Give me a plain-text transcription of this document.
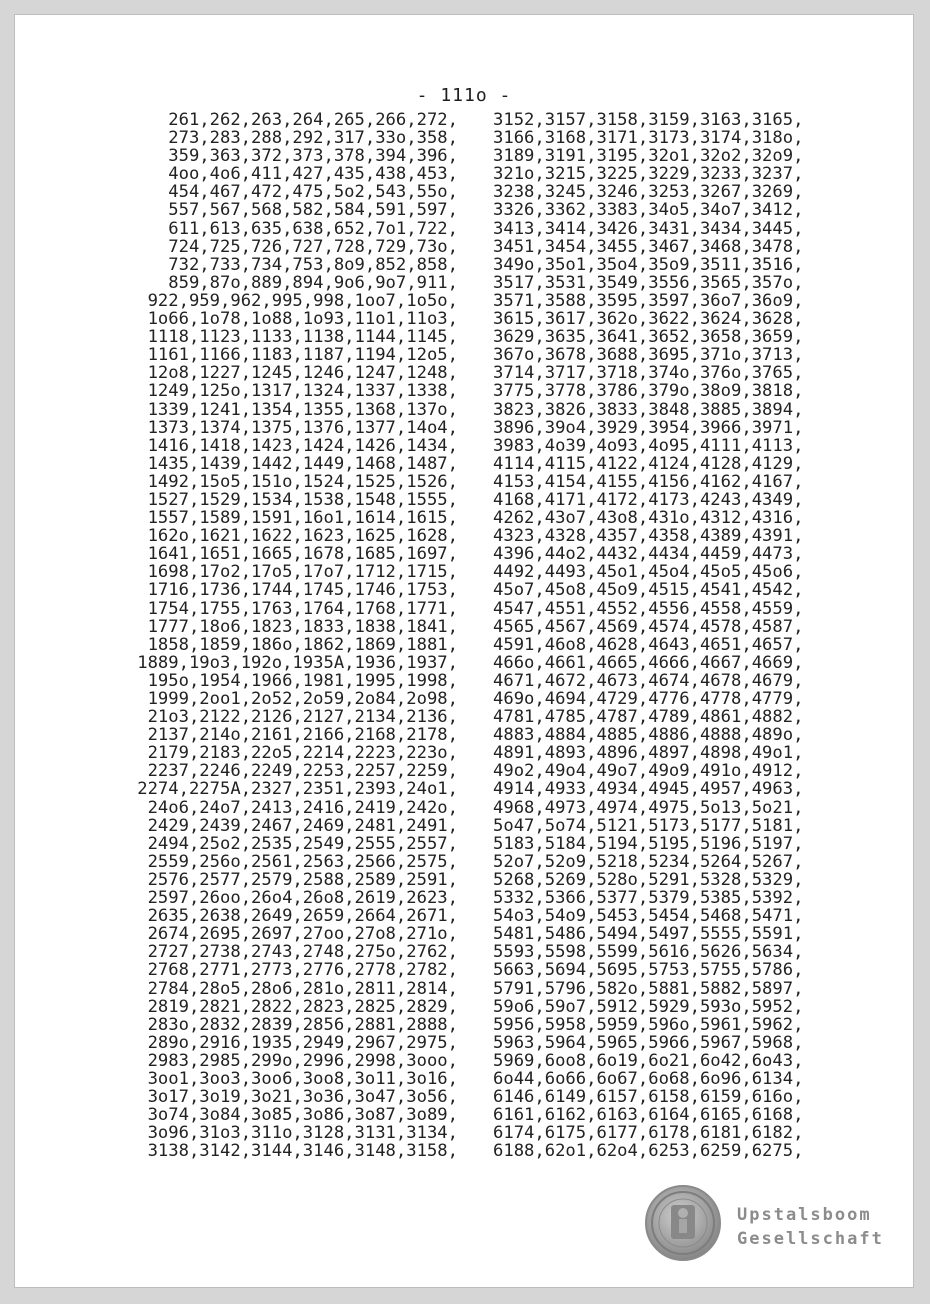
- 111o -
261,262,263,264,265,266,272,
273,283,288,292,317,33o,358,
359,363,372,373,378,394,396,
4oo,4o6,411,427,435,438,453,
454,467,472,475,5o2,543,55o,
557,567,568,582,584,591,597,
611,613,635,638,652,7o1,722,
724,725,726,727,728,729,73o,
732,733,734,753,8o9,852,858,
859,87o,889,894,9o6,9o7,911,
922,959,962,995,998,1oo7,1o5o,
1o66,1o78,1o88,1o93,11o1,11o3,
1118,1123,1133,1138,1144,1145,
1161,1166,1183,1187,1194,12o5,
12o8,1227,1245,1246,1247,1248,
1249,125o,1317,1324,1337,1338,
1339,1241,1354,1355,1368,137o,
1373,1374,1375,1376,1377,14o4,
1416,1418,1423,1424,1426,1434,
1435,1439,1442,1449,1468,1487,
1492,15o5,151o,1524,1525,1526,
1527,1529,1534,1538,1548,1555,
1557,1589,1591,16o1,1614,1615,
162o,1621,1622,1623,1625,1628,
1641,1651,1665,1678,1685,1697,
1698,17o2,17o5,17o7,1712,1715,
1716,1736,1744,1745,1746,1753,
1754,1755,1763,1764,1768,1771,
1777,18o6,1823,1833,1838,1841,
1858,1859,186o,1862,1869,1881,
1889,19o3,192o,1935A,1936,1937,
195o,1954,1966,1981,1995,1998,
1999,2oo1,2o52,2o59,2o84,2o98,
21o3,2122,2126,2127,2134,2136,
2137,214o,2161,2166,2168,2178,
2179,2183,22o5,2214,2223,223o,
2237,2246,2249,2253,2257,2259,
2274,2275A,2327,2351,2393,24o1,
24o6,24o7,2413,2416,2419,242o,
2429,2439,2467,2469,2481,2491,
2494,25o2,2535,2549,2555,2557,
2559,256o,2561,2563,2566,2575,
2576,2577,2579,2588,2589,2591,
2597,26oo,26o4,26o8,2619,2623,
2635,2638,2649,2659,2664,2671,
2674,2695,2697,27oo,27o8,271o,
2727,2738,2743,2748,275o,2762,
2768,2771,2773,2776,2778,2782,
2784,28o5,28o6,281o,2811,2814,
2819,2821,2822,2823,2825,2829,
283o,2832,2839,2856,2881,2888,
289o,2916,1935,2949,2967,2975,
2983,2985,299o,2996,2998,3ooo,
3oo1,3oo3,3oo6,3oo8,3o11,3o16,
3o17,3o19,3o21,3o36,3o47,3o56,
3o74,3o84,3o85,3o86,3o87,3o89,
3o96,31o3,311o,3128,3131,3134,
3138,3142,3144,3146,3148,3158,
3152,3157,3158,3159,3163,3165,
3166,3168,3171,3173,3174,318o,
3189,3191,3195,32o1,32o2,32o9,
321o,3215,3225,3229,3233,3237,
3238,3245,3246,3253,3267,3269,
3326,3362,3383,34o5,34o7,3412,
3413,3414,3426,3431,3434,3445,
3451,3454,3455,3467,3468,3478,
349o,35o1,35o4,35o9,3511,3516,
3517,3531,3549,3556,3565,357o,
3571,3588,3595,3597,36o7,36o9,
3615,3617,362o,3622,3624,3628,
3629,3635,3641,3652,3658,3659,
367o,3678,3688,3695,371o,3713,
3714,3717,3718,374o,376o,3765,
3775,3778,3786,379o,38o9,3818,
3823,3826,3833,3848,3885,3894,
3896,39o4,3929,3954,3966,3971,
3983,4o39,4o93,4o95,4111,4113,
4114,4115,4122,4124,4128,4129,
4153,4154,4155,4156,4162,4167,
4168,4171,4172,4173,4243,4349,
4262,43o7,43o8,431o,4312,4316,
4323,4328,4357,4358,4389,4391,
4396,44o2,4432,4434,4459,4473,
4492,4493,45o1,45o4,45o5,45o6,
45o7,45o8,45o9,4515,4541,4542,
4547,4551,4552,4556,4558,4559,
4565,4567,4569,4574,4578,4587,
4591,46o8,4628,4643,4651,4657,
466o,4661,4665,4666,4667,4669,
4671,4672,4673,4674,4678,4679,
469o,4694,4729,4776,4778,4779,
4781,4785,4787,4789,4861,4882,
4883,4884,4885,4886,4888,489o,
4891,4893,4896,4897,4898,49o1,
49o2,49o4,49o7,49o9,491o,4912,
4914,4933,4934,4945,4957,4963,
4968,4973,4974,4975,5o13,5o21,
5o47,5o74,5121,5173,5177,5181,
5183,5184,5194,5195,5196,5197,
52o7,52o9,5218,5234,5264,5267,
5268,5269,528o,5291,5328,5329,
5332,5366,5377,5379,5385,5392,
54o3,54o9,5453,5454,5468,5471,
5481,5486,5494,5497,5555,5591,
5593,5598,5599,5616,5626,5634,
5663,5694,5695,5753,5755,5786,
5791,5796,582o,5881,5882,5897,
59o6,59o7,5912,5929,593o,5952,
5956,5958,5959,596o,5961,5962,
5963,5964,5965,5966,5967,5968,
5969,6oo8,6o19,6o21,6o42,6o43,
6o44,6o66,6o67,6o68,6o96,6134,
6146,6149,6157,6158,6159,616o,
6161,6162,6163,6164,6165,6168,
6174,6175,6177,6178,6181,6182,
6188,62o1,62o4,6253,6259,6275,
Upstalsboom
Gesellschaft
